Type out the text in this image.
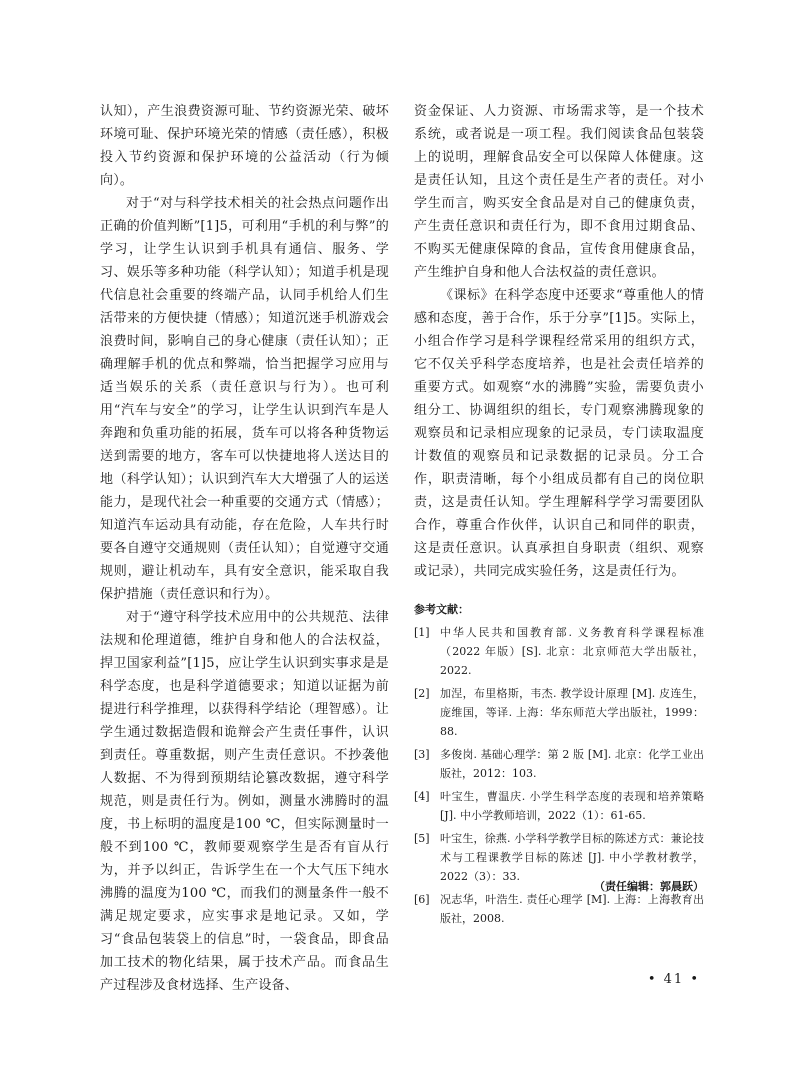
认知），产生浪费资源可耻、节约资源光荣、破坏环境可耻、保护环境光荣的情感（责任感），积极投入节约资源和保护环境的公益活动（行为倾向）。

对于“对与科学技术相关的社会热点问题作出正确的价值判断”[1]5，可利用“手机的利与弊”的学习，让学生认识到手机具有通信、服务、学习、娱乐等多种功能（科学认知）；知道手机是现代信息社会重要的终端产品，认同手机给人们生活带来的方便快捷（情感）；知道沉迷手机游戏会浪费时间，影响自己的身心健康（责任认知）；正确理解手机的优点和弊端，恰当把握学习应用与适当娱乐的关系（责任意识与行为）。也可利用“汽车与安全”的学习，让学生认识到汽车是人奔跑和负重功能的拓展，货车可以将各种货物运送到需要的地方，客车可以快捷地将人送达目的地（科学认知）；认识到汽车大大增强了人的运送能力，是现代社会一种重要的交通方式（情感）；知道汽车运动具有动能，存在危险，人车共行时要各自遵守交通规则（责任认知）；自觉遵守交通规则，避让机动车，具有安全意识，能采取自我保护措施（责任意识和行为）。

对于“遵守科学技术应用中的公共规范、法律法规和伦理道德，维护自身和他人的合法权益，捍卫国家利益”[1]5，应让学生认识到实事求是是科学态度，也是科学道德要求；知道以证据为前提进行科学推理，以获得科学结论（理智感）。让学生通过数据造假和诡辩会产生责任事件，认识到责任。尊重数据，则产生责任意识。不抄袭他人数据、不为得到预期结论篡改数据，遵守科学规范，则是责任行为。例如，测量水沸腾时的温度，书上标明的温度是100 ℃，但实际测量时一般不到100 ℃，教师要观察学生是否有盲从行为，并予以纠正，告诉学生在一个大气压下纯水沸腾的温度为100 ℃，而我们的测量条件一般不满足规定要求，应实事求是地记录。又如，学习“食品包装袋上的信息”时，一袋食品，即食品加工技术的物化结果，属于技术产品。而食品生产过程涉及食材选择、生产设备、

资金保证、人力资源、市场需求等，是一个技术系统，或者说是一项工程。我们阅读食品包装袋上的说明，理解食品安全可以保障人体健康。这是责任认知，且这个责任是生产者的责任。对小学生而言，购买安全食品是对自己的健康负责，产生责任意识和责任行为，即不食用过期食品、不购买无健康保障的食品，宣传食用健康食品，产生维护自身和他人合法权益的责任意识。

《课标》在科学态度中还要求“尊重他人的情感和态度，善于合作，乐于分享”[1]5。实际上，小组合作学习是科学课程经常采用的组织方式，它不仅关乎科学态度培养，也是社会责任培养的重要方式。如观察“水的沸腾”实验，需要负责小组分工、协调组织的组长，专门观察沸腾现象的观察员和记录相应现象的记录员，专门读取温度计数值的观察员和记录数据的记录员。分工合作，职责清晰，每个小组成员都有自己的岗位职责，这是责任认知。学生理解科学学习需要团队合作，尊重合作伙伴，认识自己和同伴的职责，这是责任意识。认真承担自身职责（组织、观察或记录），共同完成实验任务，这是责任行为。

参考文献：
[1] 中华人民共和国教育部. 义务教育科学课程标准（2022 年版）[S]. 北京：北京师范大学出版社，2022.
[2] 加涅，布里格斯，韦杰. 教学设计原理 [M]. 皮连生，庞维国，等译. 上海：华东师范大学出版社，1999：88.
[3] 多俊岗. 基础心理学：第 2 版 [M]. 北京：化学工业出版社，2012：103.
[4] 叶宝生，曹温庆. 小学生科学态度的表现和培养策略 [J]. 中小学教师培训，2022（1）：61-65.
[5] 叶宝生，徐燕. 小学科学教学目标的陈述方式：兼论技术与工程课教学目标的陈述 [J]. 中小学教材教学，2022（3）：33.
[6] 况志华，叶浩生. 责任心理学 [M]. 上海：上海教育出版社，2008.
（责任编辑：郭晨跃）
• 41 •
